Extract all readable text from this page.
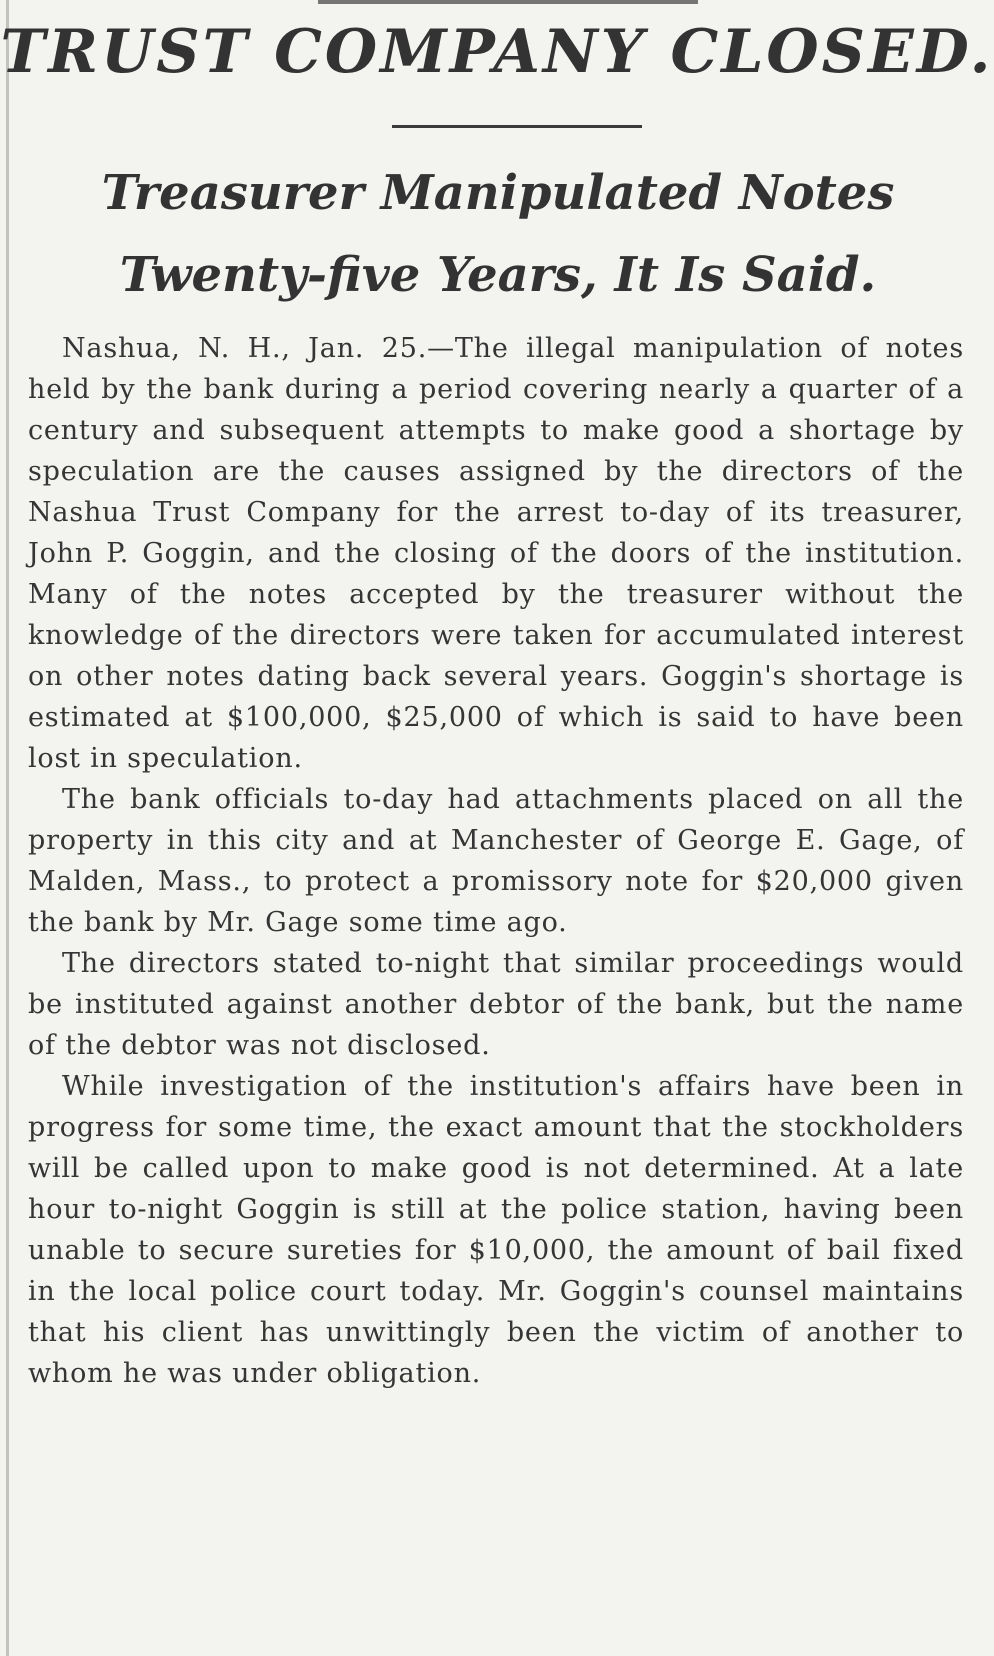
TRUST COMPANY CLOSED.
Treasurer Manipulated Notes Twenty-five Years, It Is Said.

Nashua, N. H., Jan. 25.—The illegal manipulation of notes held by the bank during a period covering nearly a quarter of a century and subsequent attempts to make good a shortage by speculation are the causes assigned by the directors of the Nashua Trust Company for the arrest to-day of its treasurer, John P. Goggin, and the closing of the doors of the institution. Many of the notes accepted by the treasurer without the knowledge of the directors were taken for accumulated interest on other notes dating back several years. Goggin's shortage is estimated at $100,000, $25,000 of which is said to have been lost in speculation.

The bank officials to-day had attachments placed on all the property in this city and at Manchester of George E. Gage, of Malden, Mass., to protect a promissory note for $20,000 given the bank by Mr. Gage some time ago.

The directors stated to-night that similar proceedings would be instituted against another debtor of the bank, but the name of the debtor was not disclosed.

While investigation of the institution's affairs have been in progress for some time, the exact amount that the stockholders will be called upon to make good is not determined. At a late hour to-night Goggin is still at the police station, having been unable to secure sureties for $10,000, the amount of bail fixed in the local police court today. Mr. Goggin's counsel maintains that his client has unwittingly been the victim of another to whom he was under obligation.
